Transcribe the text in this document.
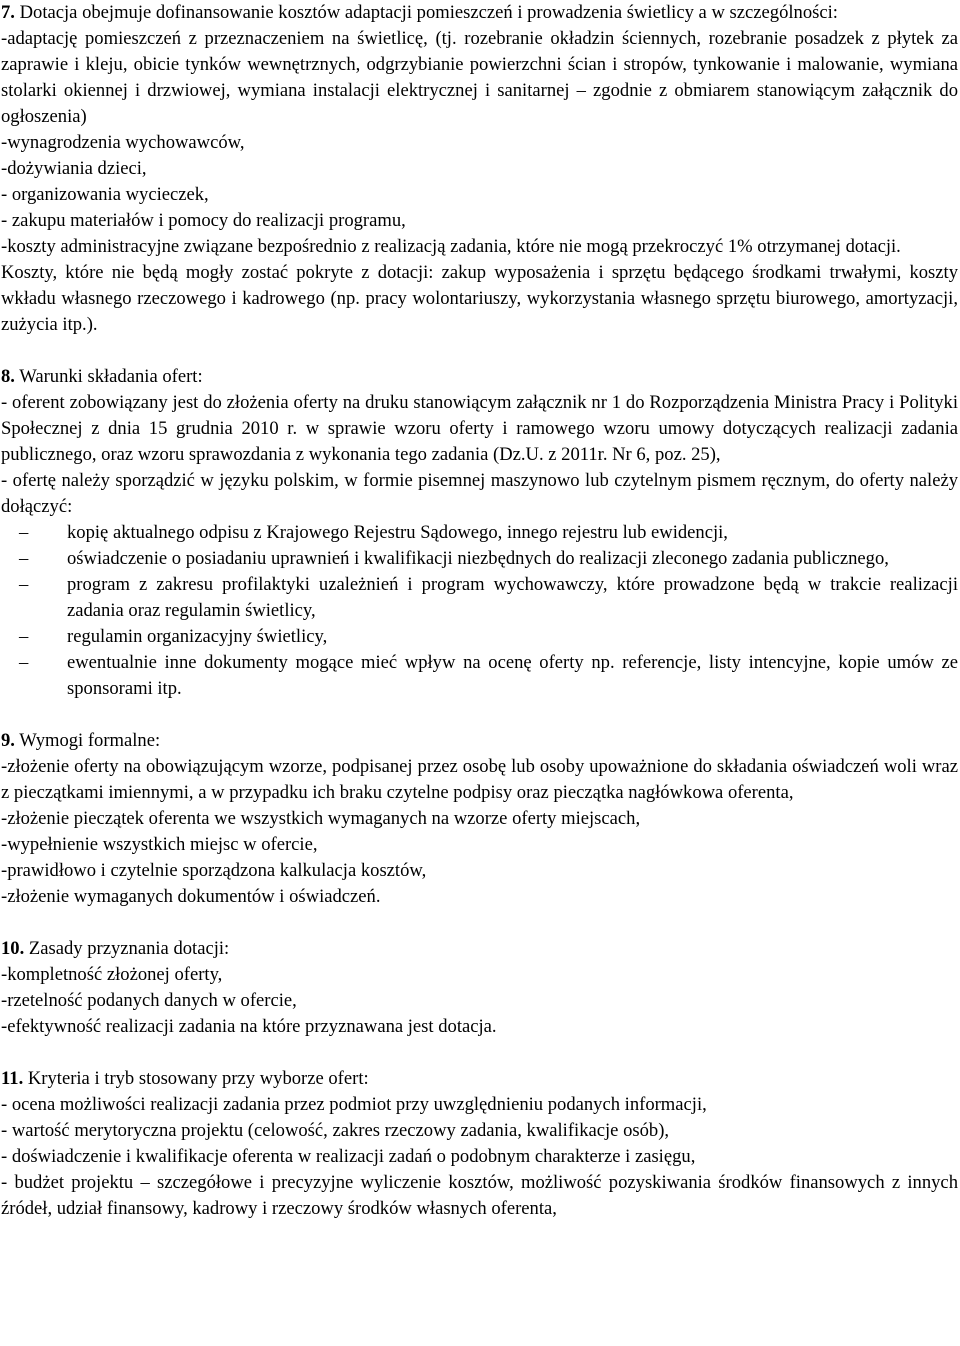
7. Dotacja obejmuje dofinansowanie kosztów adaptacji pomieszczeń i prowadzenia świetlicy a w szczególności:

-adaptację pomieszczeń z przeznaczeniem na świetlicę, (tj. rozebranie okładzin ściennych, rozebranie posadzek z płytek za zaprawie i kleju, obicie tynków wewnętrznych, odgrzybianie powierzchni ścian i stropów, tynkowanie i malowanie, wymiana stolarki okiennej i drzwiowej, wymiana instalacji elektrycznej i sanitarnej – zgodnie z obmiarem stanowiącym załącznik do ogłoszenia)

-wynagrodzenia wychowawców,

-dożywiania dzieci,

- organizowania wycieczek,

- zakupu materiałów i pomocy do realizacji programu,

-koszty administracyjne związane bezpośrednio z realizacją zadania, które nie mogą przekroczyć 1% otrzymanej dotacji.

Koszty, które nie będą mogły zostać pokryte z dotacji: zakup wyposażenia i sprzętu będącego środkami trwałymi, koszty wkładu własnego rzeczowego i kadrowego (np. pracy wolontariuszy, wykorzystania własnego sprzętu biurowego, amortyzacji, zużycia itp.).

8. Warunki składania ofert:

- oferent zobowiązany jest do złożenia oferty na druku stanowiącym załącznik nr 1 do Rozporządzenia Ministra Pracy i Polityki Społecznej z dnia 15 grudnia 2010 r. w sprawie wzoru oferty i ramowego wzoru umowy dotyczących realizacji zadania publicznego, oraz wzoru sprawozdania z wykonania tego zadania (Dz.U. z 2011r. Nr 6, poz. 25),

- ofertę należy sporządzić w języku polskim, w formie pisemnej maszynowo lub czytelnym pismem ręcznym, do oferty należy dołączyć:

– kopię aktualnego odpisu z Krajowego Rejestru Sądowego, innego rejestru lub ewidencji,
– oświadczenie o posiadaniu uprawnień i kwalifikacji niezbędnych do realizacji zleconego zadania publicznego,
– program z zakresu profilaktyki uzależnień i program wychowawczy, które prowadzone będą w trakcie realizacji zadania oraz regulamin świetlicy,
– regulamin organizacyjny świetlicy,
– ewentualnie inne dokumenty mogące mieć wpływ na ocenę oferty np. referencje, listy intencyjne, kopie umów ze sponsorami itp.

9. Wymogi formalne:

-złożenie oferty na obowiązującym wzorze, podpisanej przez osobę lub osoby upoważnione do składania oświadczeń woli wraz z pieczątkami imiennymi, a w przypadku ich braku czytelne podpisy oraz pieczątka nagłówkowa oferenta,

-złożenie pieczątek oferenta we wszystkich wymaganych na wzorze oferty miejscach,

-wypełnienie wszystkich miejsc w ofercie,

-prawidłowo i czytelnie sporządzona kalkulacja kosztów,

-złożenie wymaganych dokumentów i oświadczeń.

10. Zasady przyznania dotacji:

-kompletność złożonej oferty,

-rzetelność podanych danych w ofercie,

-efektywność realizacji zadania na które przyznawana jest dotacja.

11. Kryteria i tryb stosowany przy wyborze ofert:

- ocena możliwości realizacji zadania przez podmiot przy uwzględnieniu podanych informacji,

- wartość merytoryczna projektu (celowość, zakres rzeczowy zadania, kwalifikacje osób),

- doświadczenie i kwalifikacje oferenta w realizacji zadań o podobnym charakterze i zasięgu,

- budżet projektu – szczegółowe i precyzyjne wyliczenie kosztów, możliwość pozyskiwania środków finansowych z innych źródeł, udział finansowy, kadrowy i rzeczowy środków własnych oferenta,
